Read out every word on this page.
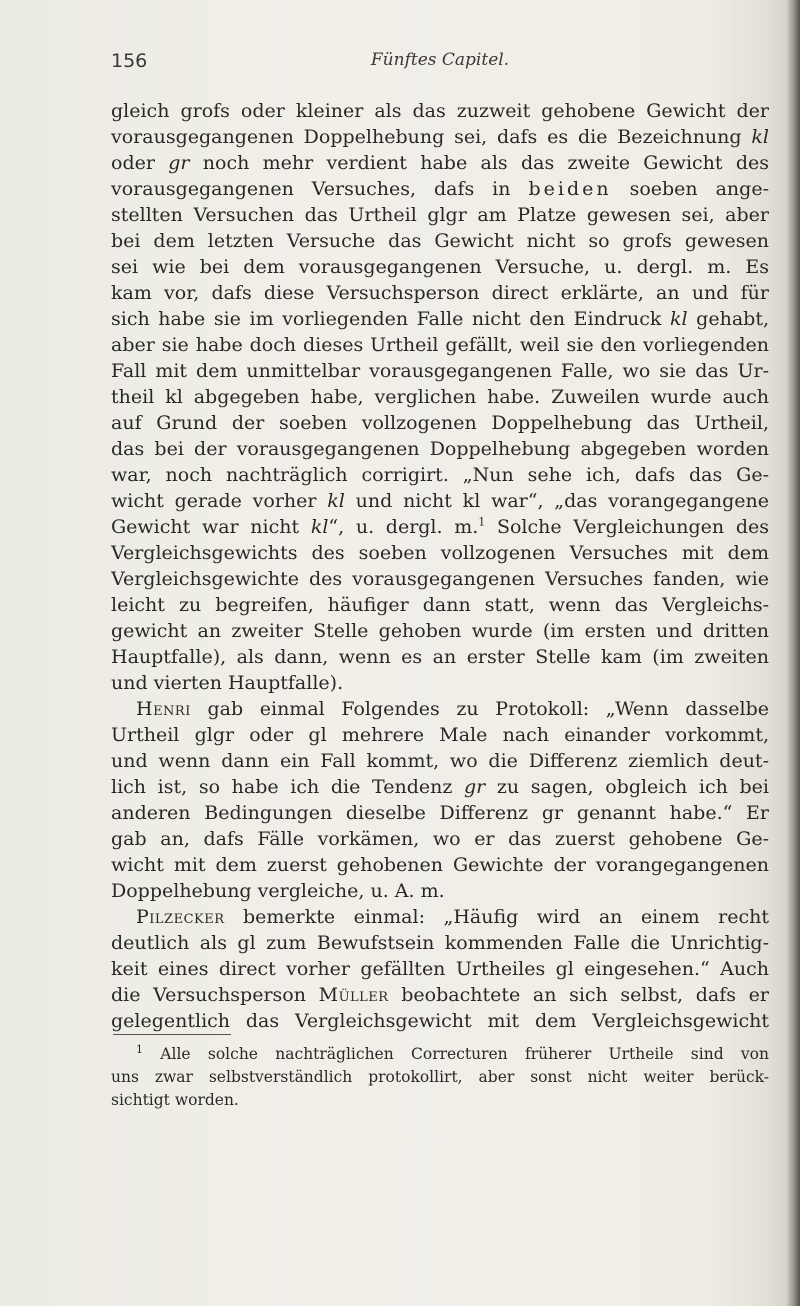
156	Fünftes Capitel.
gleich grofs oder kleiner als das zuzweit gehobene Gewicht der
vorausgegangenen Doppelhebung sei, dafs es die Bezeichnung kl
oder gr noch mehr verdient habe als das zweite Gewicht des
vorausgegangenen Versuches, dafs in beiden soeben ange-
stellten Versuchen das Urtheil glgr am Platze gewesen sei, aber
bei dem letzten Versuche das Gewicht nicht so grofs gewesen
sei wie bei dem vorausgegangenen Versuche, u. dergl. m. Es
kam vor, dafs diese Versuchsperson direct erklärte, an und für
sich habe sie im vorliegenden Falle nicht den Eindruck kl gehabt,
aber sie habe doch dieses Urtheil gefällt, weil sie den vorliegenden
Fall mit dem unmittelbar vorausgegangenen Falle, wo sie das Ur-
theil kl abgegeben habe, verglichen habe. Zuweilen wurde auch
auf Grund der soeben vollzogenen Doppelhebung das Urtheil,
das bei der vorausgegangenen Doppelhebung abgegeben worden
war, noch nachträglich corrigirt. „Nun sehe ich, dafs das Ge-
wicht gerade vorher kl und nicht kl war“, „das vorangegangene
Gewicht war nicht kl“, u. dergl. m.$^1$ Solche Vergleichungen des
Vergleichsgewichts des soeben vollzogenen Versuches mit dem
Vergleichsgewichte des vorausgegangenen Versuches fanden, wie
leicht zu begreifen, häufiger dann statt, wenn das Vergleichs-
gewicht an zweiter Stelle gehoben wurde (im ersten und dritten
Hauptfalle), als dann, wenn es an erster Stelle kam (im zweiten
und vierten Hauptfalle).
Henri gab einmal Folgendes zu Protokoll: „Wenn dasselbe
Urtheil glgr oder gl mehrere Male nach einander vorkommt,
und wenn dann ein Fall kommt, wo die Differenz ziemlich deut-
lich ist, so habe ich die Tendenz gr zu sagen, obgleich ich bei
anderen Bedingungen dieselbe Differenz gr genannt habe.“ Er
gab an, dafs Fälle vorkämen, wo er das zuerst gehobene Ge-
wicht mit dem zuerst gehobenen Gewichte der vorangegangenen
Doppelhebung vergleiche, u. A. m.
Pilzecker bemerkte einmal: „Häufig wird an einem recht
deutlich als gl zum Bewufstsein kommenden Falle die Unrichtig-
keit eines direct vorher gefällten Urtheiles gl eingesehen.“ Auch
die Versuchsperson Müller beobachtete an sich selbst, dafs er
gelegentlich das Vergleichsgewicht mit dem Vergleichsgewicht
$^1$ Alle solche nachträglichen Correcturen früherer Urtheile sind von
uns zwar selbstverständlich protokollirt, aber sonst nicht weiter berück-
sichtigt worden.
